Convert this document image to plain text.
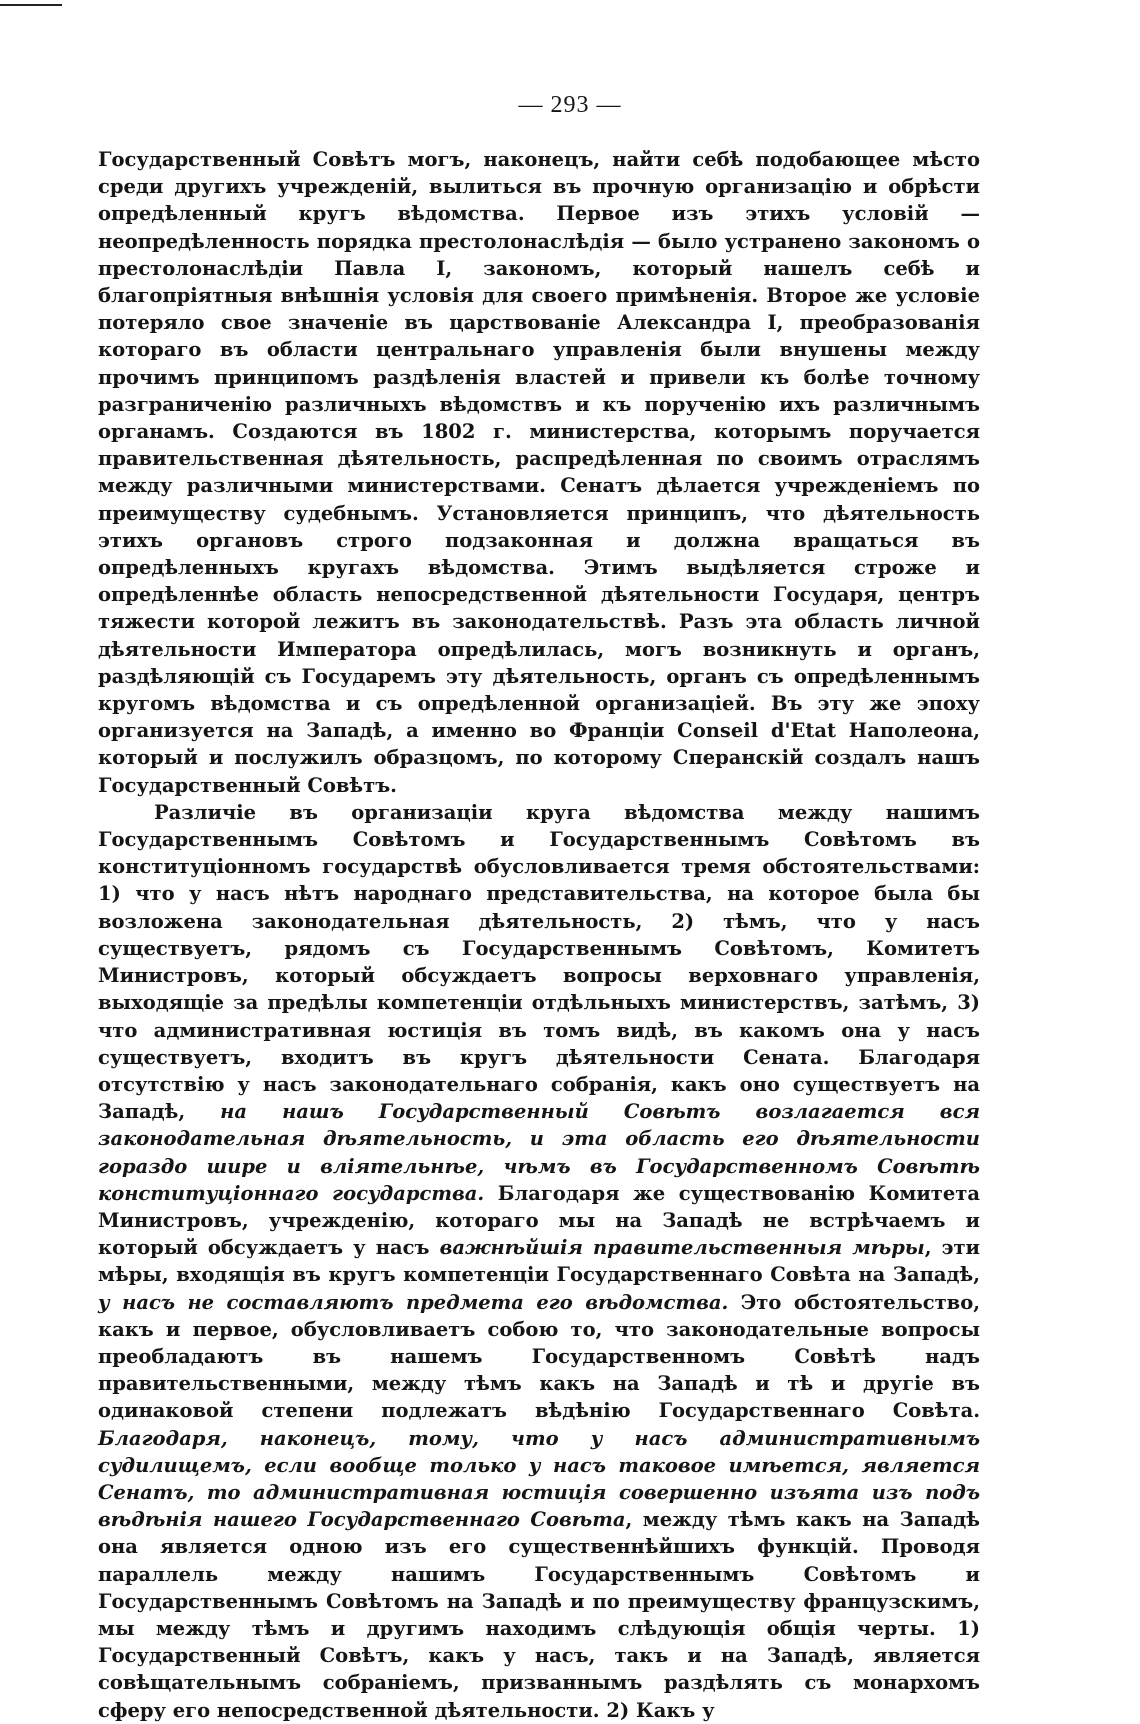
— 293 —

Государственный Совѣтъ могъ, наконецъ, найти себѣ подобающее мѣсто среди другихъ учрежденій, вылиться въ прочную организацію и обрѣсти опредѣленный кругъ вѣдомства. Первое изъ этихъ условій — неопредѣленность порядка престолонаслѣдія — было устранено закономъ о престолонаслѣдіи Павла I, закономъ, который нашелъ себѣ и благопріятныя внѣшнія условія для своего примѣненія. Второе же условіе потеряло свое значеніе въ царствованіе Александра I, преобразованія котораго въ области центральнаго управленія были внушены между прочимъ принципомъ раздѣленія властей и привели къ болѣе точному разграниченію различныхъ вѣдомствъ и къ порученію ихъ различнымъ органамъ. Создаются въ 1802 г. министерства, которымъ поручается правительственная дѣятельность, распредѣленная по своимъ отраслямъ между различными министерствами. Сенатъ дѣлается учрежденіемъ по преимуществу судебнымъ. Установляется принципъ, что дѣятельность этихъ органовъ строго подзаконная и должна вращаться въ опредѣленныхъ кругахъ вѣдомства. Этимъ выдѣляется строже и опредѣленнѣе область непосредственной дѣятельности Государя, центръ тяжести которой лежитъ въ законодательствѣ. Разъ эта область личной дѣятельности Императора опредѣлилась, могъ возникнуть и органъ, раздѣляющій съ Государемъ эту дѣятельность, органъ съ опредѣленнымъ кругомъ вѣдомства и съ опредѣленной организаціей. Въ эту же эпоху организуется на Западѣ, а именно во Франціи Conseil d'Etat Наполеона, который и послужилъ образцомъ, по которому Сперанскій создалъ нашъ Государственный Совѣтъ.

Различіе въ организаціи круга вѣдомства между нашимъ Государственнымъ Совѣтомъ и Государственнымъ Совѣтомъ въ конституціонномъ государствѣ обусловливается тремя обстоятельствами: 1) что у насъ нѣтъ народнаго представительства, на которое была бы возложена законодательная дѣятельность, 2) тѣмъ, что у насъ существуетъ, рядомъ съ Государственнымъ Совѣтомъ, Комитетъ Министровъ, который обсуждаетъ вопросы верховнаго управленія, выходящіе за предѣлы компетенціи отдѣльныхъ министерствъ, затѣмъ, 3) что административная юстиція въ томъ видѣ, въ какомъ она у насъ существуетъ, входитъ въ кругъ дѣятельности Сената. Благодаря отсутствію у насъ законодательнаго собранія, какъ оно существуетъ на Западѣ, на нашъ Государственный Совѣтъ возлагается вся законодательная дѣятельность, и эта область его дѣятельности гораздо шире и вліятельнѣе, чѣмъ въ Государственномъ Совѣтѣ конституціоннаго государства. Благодаря же существованію Комитета Министровъ, учрежденію, котораго мы на Западѣ не встрѣчаемъ и который обсуждаетъ у насъ важнѣйшія правительственныя мѣры, эти мѣры, входящія въ кругъ компетенціи Государственнаго Совѣта на Западѣ, у насъ не составляютъ предмета его вѣдомства. Это обстоятельство, какъ и первое, обусловливаетъ собою то, что законодательные вопросы преобладаютъ въ нашемъ Государственномъ Совѣтѣ надъ правительственными, между тѣмъ какъ на Западѣ и тѣ и другіе въ одинаковой степени подлежатъ вѣдѣнію Государственнаго Совѣта. Благодаря, наконецъ, тому, что у насъ административнымъ судилищемъ, если вообще только у насъ таковое имѣется, является Сенатъ, то административная юстиція совершенно изъята изъ подъ вѣдѣнія нашего Государственнаго Совѣта, между тѣмъ какъ на Западѣ она является одною изъ его существеннѣйшихъ функцій. Проводя параллель между нашимъ Государственнымъ Совѣтомъ и Государственнымъ Совѣтомъ на Западѣ и по преимуществу французскимъ, мы между тѣмъ и другимъ находимъ слѣдующія общія черты. 1) Государственный Совѣтъ, какъ у насъ, такъ и на Западѣ, является совѣщательнымъ собраніемъ, призваннымъ раздѣлять съ монархомъ сферу его непосредственной дѣятельности. 2) Какъ у
